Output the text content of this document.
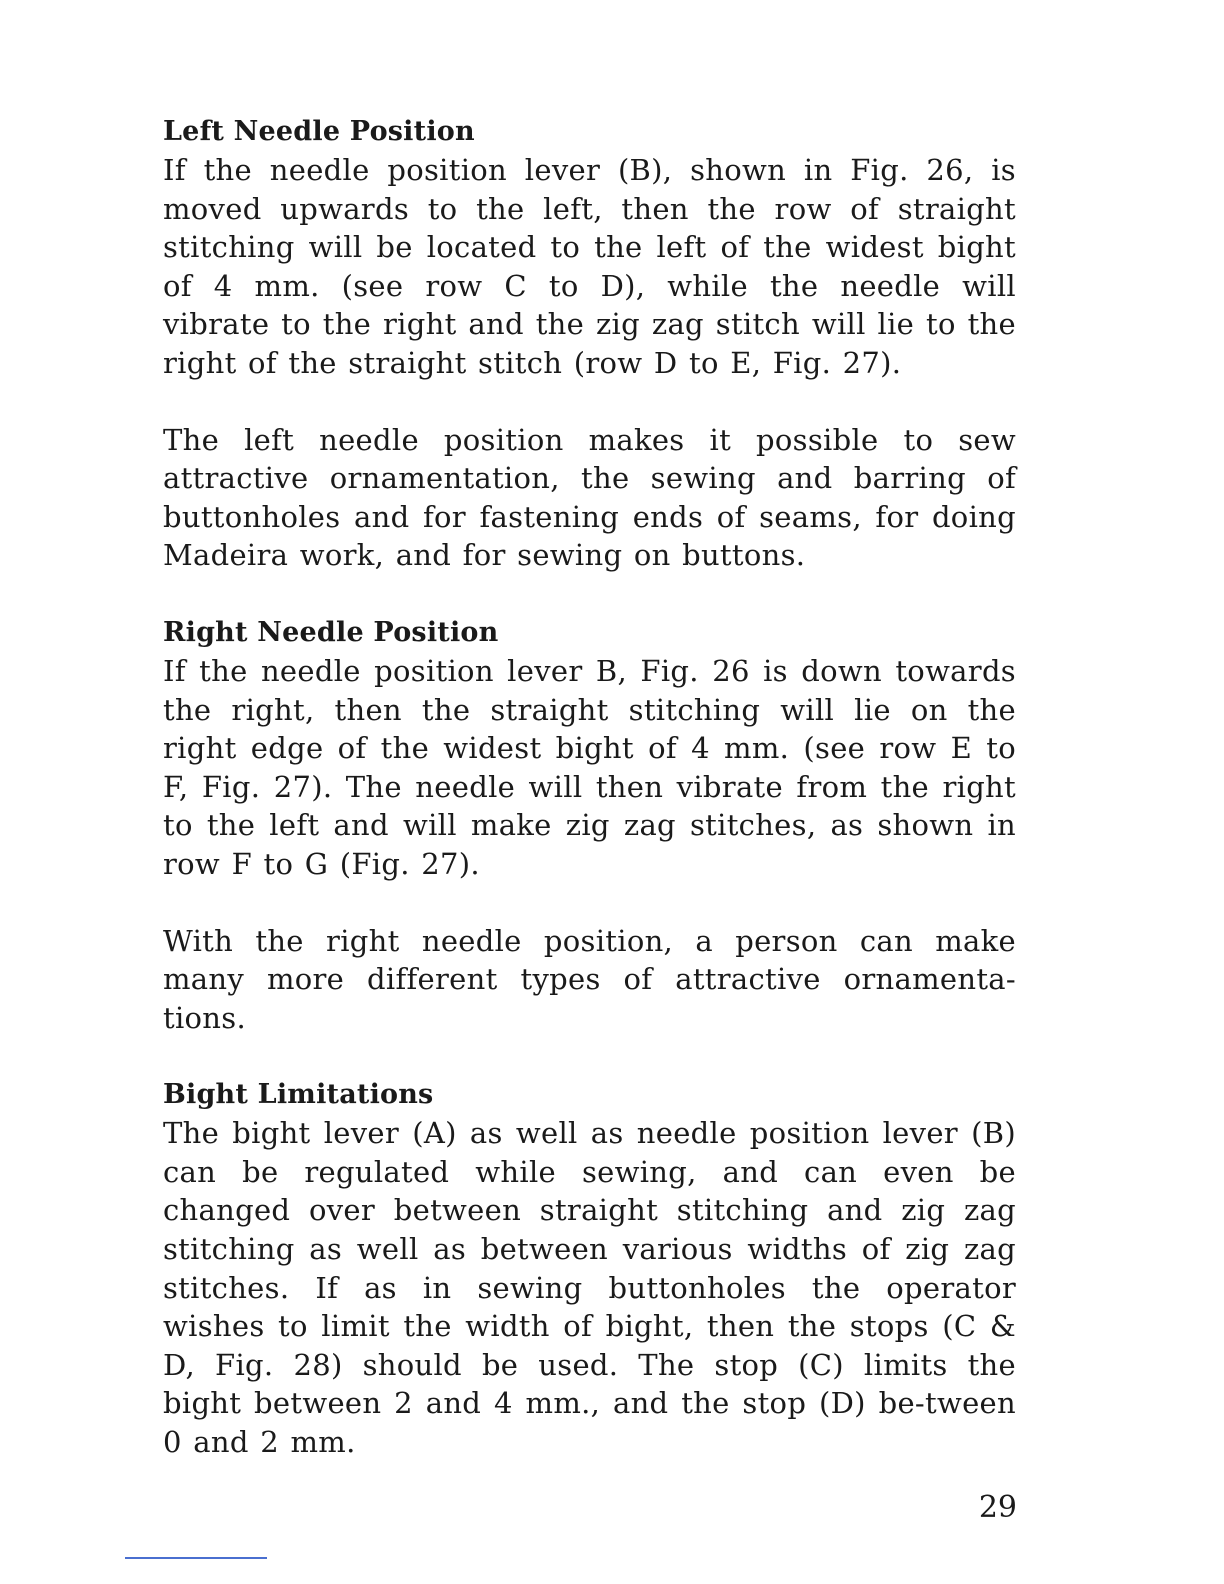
Left Needle Position

If the needle position lever (B), shown in Fig. 26, is moved upwards to the left, then the row of straight stitching will be located to the left of the widest bight of 4 mm. (see row C to D), while the needle will vibrate to the right and the zig zag stitch will lie to the right of the straight stitch (row D to E, Fig. 27).

The left needle position makes it possible to sew attractive ornamentation, the sewing and barring of buttonholes and for fastening ends of seams, for doing Madeira work, and for sewing on buttons.

Right Needle Position

If the needle position lever B, Fig. 26 is down towards the right, then the straight stitching will lie on the right edge of the widest bight of 4 mm. (see row E to F, Fig. 27). The needle will then vibrate from the right to the left and will make zig zag stitches, as shown in row F to G (Fig. 27).

With the right needle position, a person can make many more different types of attractive ornamenta-tions.

Bight Limitations

The bight lever (A) as well as needle position lever (B) can be regulated while sewing, and can even be changed over between straight stitching and zig zag stitching as well as between various widths of zig zag stitches. If as in sewing buttonholes the operator wishes to limit the width of bight, then the stops (C & D, Fig. 28) should be used. The stop (C) limits the bight between 2 and 4 mm., and the stop (D) be-tween 0 and 2 mm.

29
